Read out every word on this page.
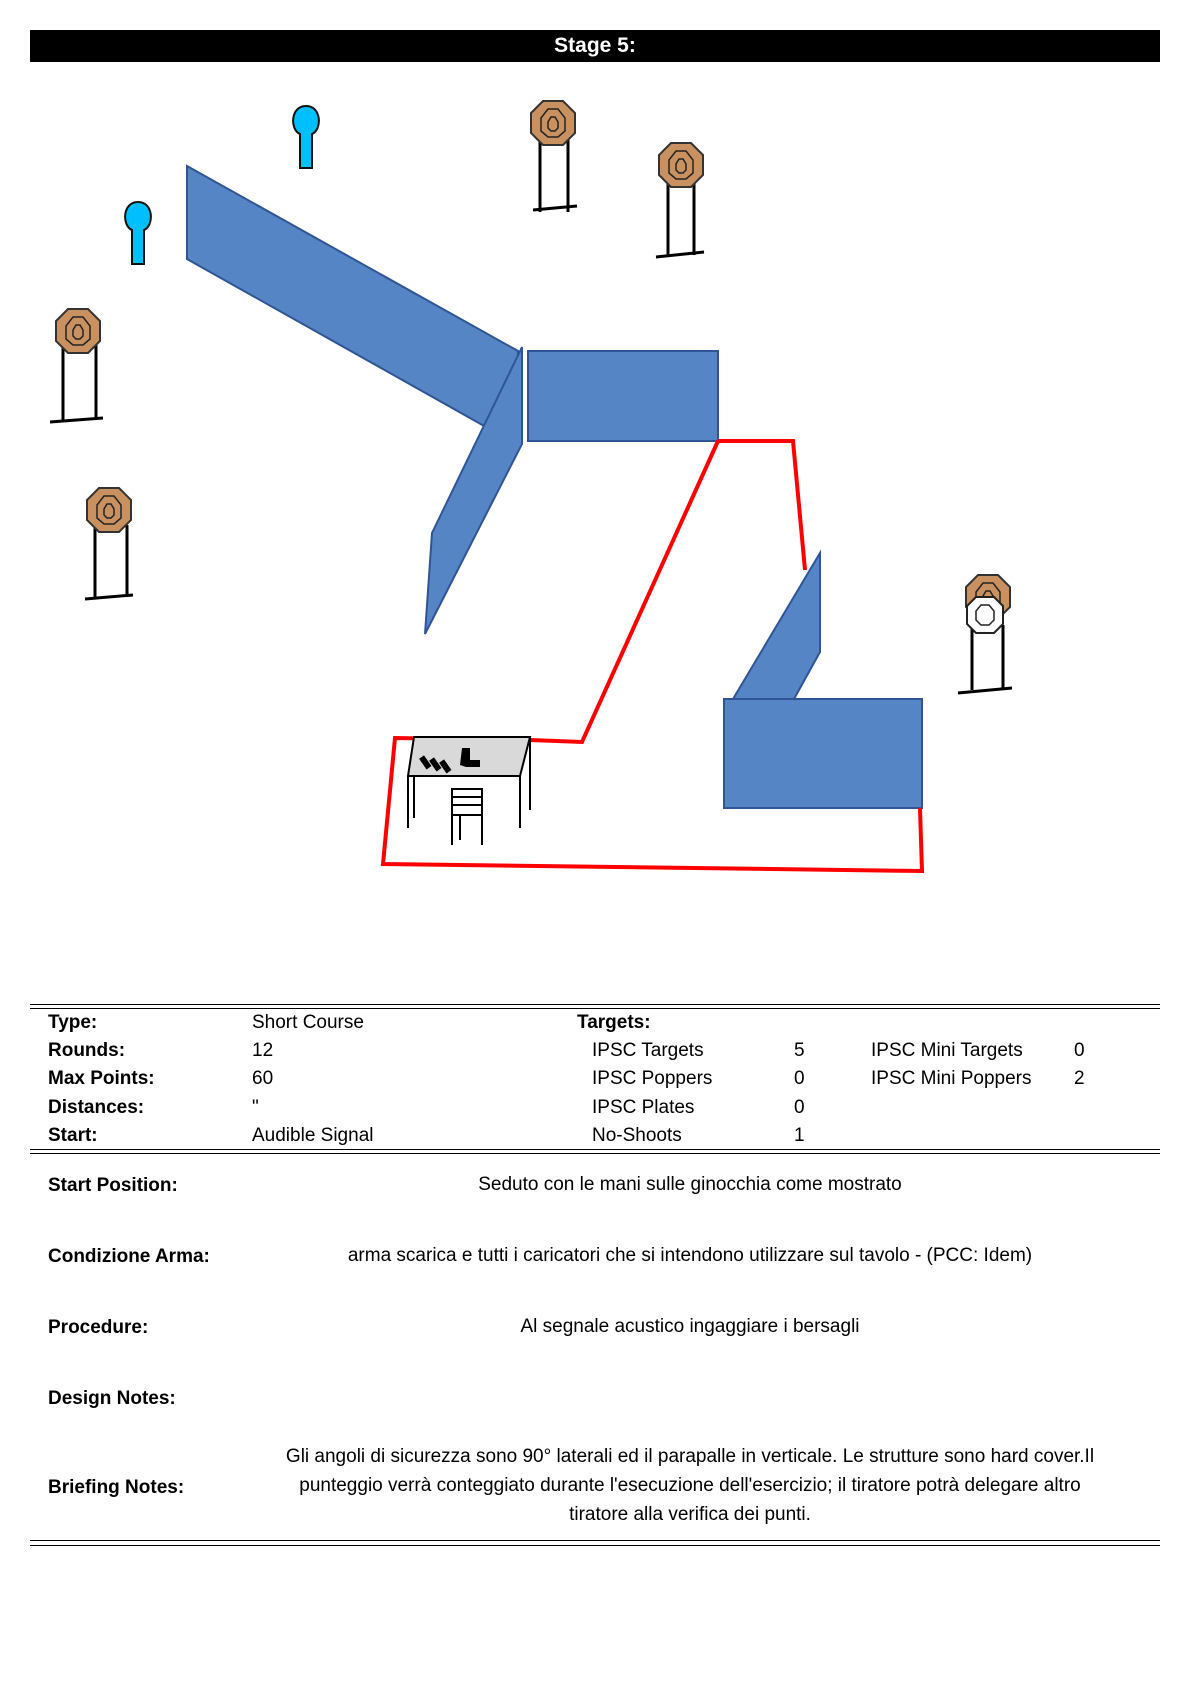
Stage 5:
Type:	Short Course	Targets:
Rounds:	12	IPSC Targets	5	IPSC Mini Targets	0
Max Points:	60	IPSC Poppers	0	IPSC Mini Poppers 2
Distances:	"	IPSC Plates	0
Start:	Audible Signal	No-Shoots	1
Start Position:	Seduto con le mani sulle ginocchia come mostrato
Condizione Arma:	arma scarica e tutti i caricatori che si intendono utilizzare sul tavolo - (PCC: Idem)
Procedure:	Al segnale acustico ingaggiare i bersagli
Design Notes:
Briefing Notes:
Gli angoli di sicurezza sono 90° laterali ed il parapalle in verticale. Le strutture sono hard cover.Il
punteggio verrà conteggiato durante l'esecuzione dell'esercizio; il tiratore potrà delegare altro
tiratore alla verifica dei punti.
